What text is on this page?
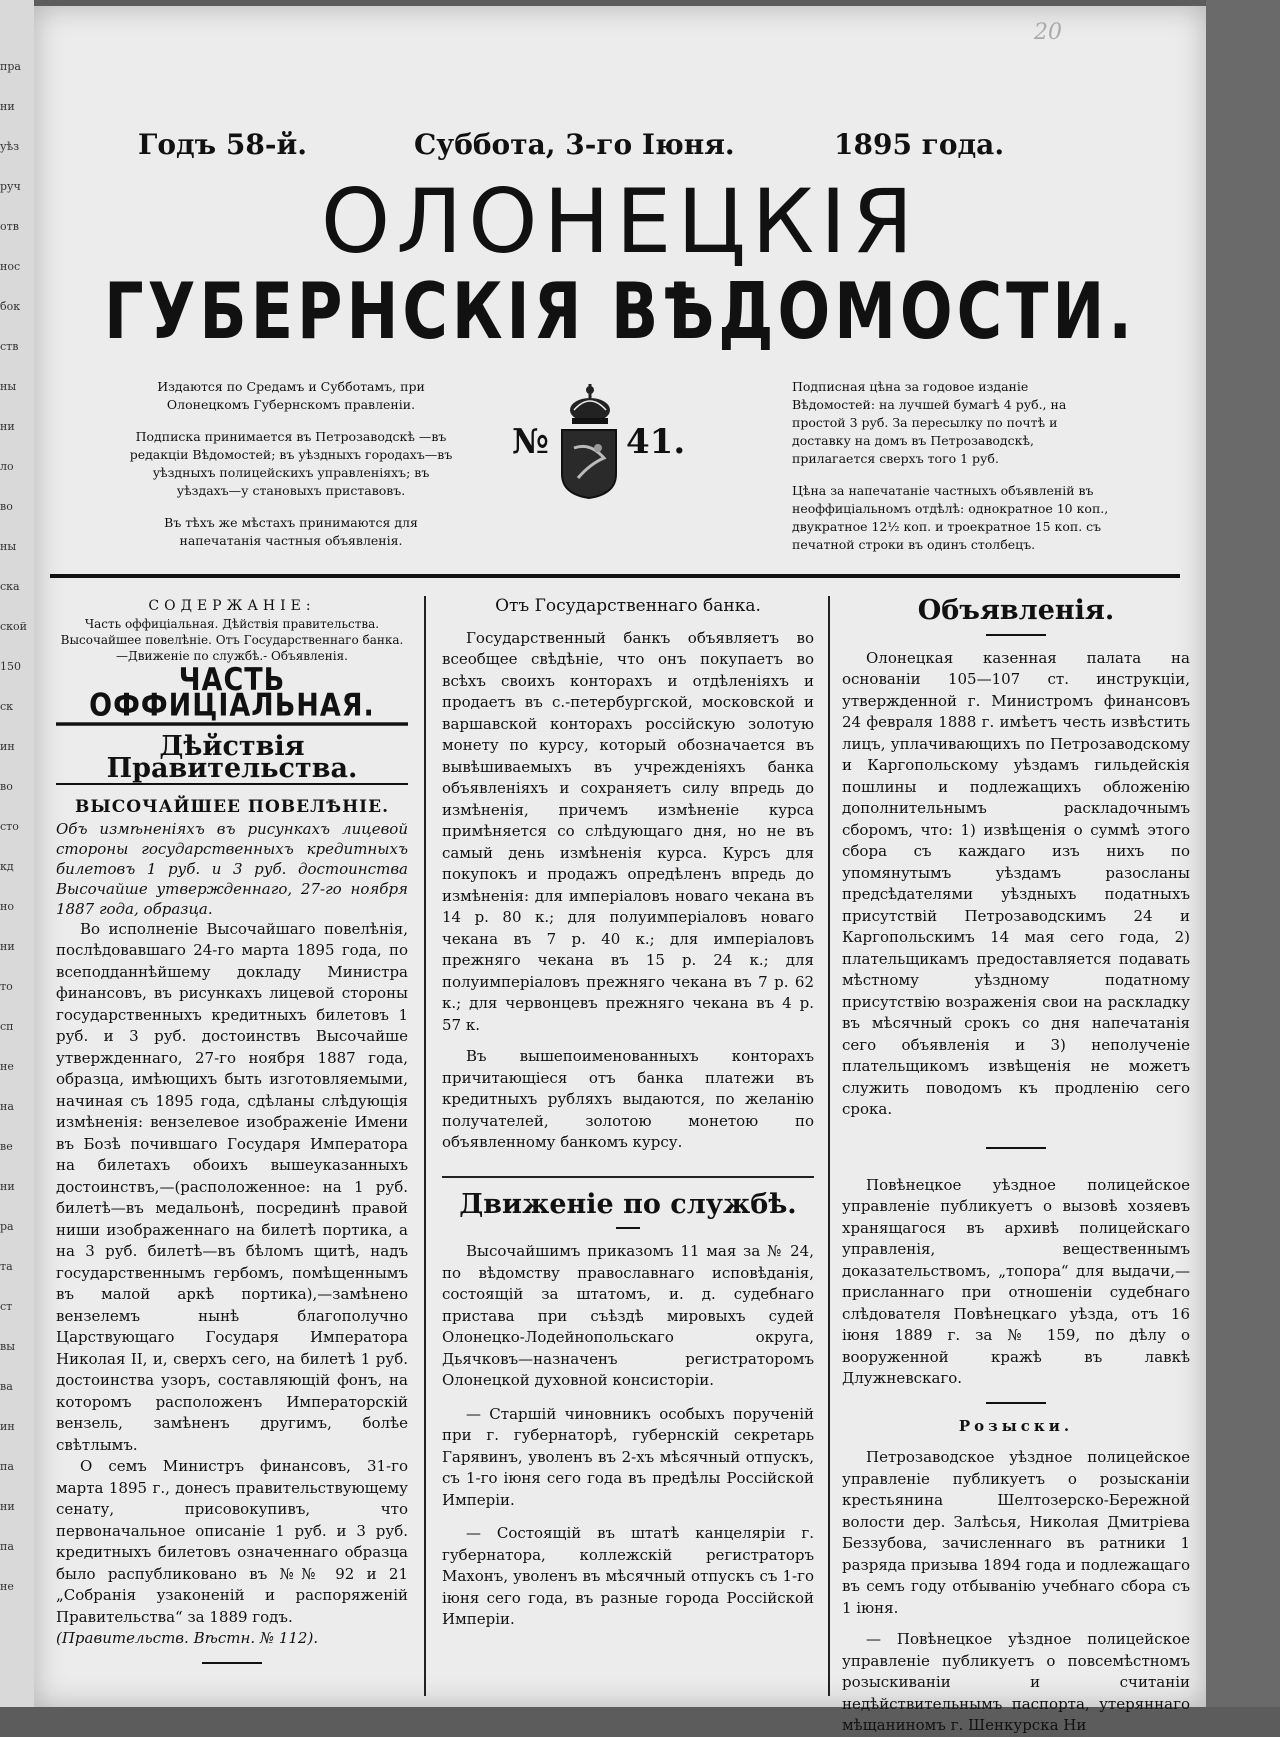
пра
ни
уѣз
руч
отв
нос
бок
ств
ны
ни
ло
во
ны
ска
ской
150
ск
ин
во
сто
кд
но
ни
то
сп
не
на
ве
ни
ра
та
ст
вы
ва
ин
па
ни
па
не
20
Годъ 58-й.	Суббота, 3-го Іюня.	1895 года.
ОЛОНЕЦКІЯ
ГУБЕРНСКІЯ ВѢДОМОСТИ.

Издаются по Средамъ и Субботамъ, при Олонецкомъ Губернскомъ правленіи.

Подписка принимается въ Петрозаводскѣ —въ редакціи Вѣдомостей; въ уѣздныхъ городахъ—въ уѣздныхъ полицейскихъ управленіяхъ; въ уѣздахъ—у становыхъ приставовъ.

Въ тѣхъ же мѣстахъ принимаются для напечатанія частныя объявленія.

№ 41.

Подписная цѣна за годовое изданіе Вѣдомостей: на лучшей бумагѣ 4 руб., на простой 3 руб. За пересылку по почтѣ и доставку на домъ въ Петрозаводскѣ, прилагается сверхъ того 1 руб.

Цѣна за напечатаніе частныхъ объявленій въ неоффиціальномъ отдѣлѣ: однократное 10 коп., двукратное 12½ коп. и троекратное 15 коп. съ печатной строки въ одинъ столбецъ.

СОДЕРЖАНІЕ:
Часть оффиціальная. Дѣйствія правительства. Высочайшее повелѣніе. Отъ Государственнаго банка.—Движеніе по службѣ.- Объявленія.
ЧАСТЬ ОФФИЦІАЛЬНАЯ.
Дѣйствія Правительства.
ВЫСОЧАЙШЕЕ ПОВЕЛѢНІЕ.

Объ измѣненіяхъ въ рисункахъ лицевой стороны государственныхъ кредитныхъ билетовъ 1 руб. и 3 руб. достоинства Высочайше утвержденнаго, 27-го ноября 1887 года, образца.

Во исполненіе Высочайшаго повелѣнія, послѣдовавшаго 24-го марта 1895 года, по всеподданнѣйшему докладу Министра финансовъ, въ рисункахъ лицевой стороны государственныхъ кредитныхъ билетовъ 1 руб. и 3 руб. достоинствъ Высочайше утвержденнаго, 27-го ноября 1887 года, образца, имѣющихъ быть изготовляемыми, начиная съ 1895 года, сдѣланы слѣдующія измѣненія: вензелевое изображеніе Имени въ Бозѣ почившаго Государя Императора на билетахъ обоихъ вышеуказанныхъ достоинствъ,—(расположенное: на 1 руб. билетѣ—въ медальонѣ, посрединѣ правой ниши изображеннаго на билетѣ портика, а на 3 руб. билетѣ—въ бѣломъ щитѣ, надъ государственнымъ гербомъ, помѣщеннымъ въ малой аркѣ портика),—замѣнено вензелемъ нынѣ благополучно Царствующаго Государя Императора Николая II, и, сверхъ сего, на билетѣ 1 руб. достоинства узоръ, составляющій фонъ, на которомъ расположенъ Императорскій вензель, замѣненъ другимъ, болѣе свѣтлымъ.

О семъ Министръ финансовъ, 31-го марта 1895 г., донесъ правительствующему сенату, присовокупивъ, что первоначальное описаніе 1 руб. и 3 руб. кредитныхъ билетовъ означеннаго образца было распубликовано въ №№ 92 и 21 „Собранія узаконеній и распоряженій Правительства“ за 1889 годъ.

(Правительств. Вѣстн. № 112).

Отъ Государственнаго банка.

Государственный банкъ объявляетъ во всеобщее свѣдѣніе, что онъ покупаетъ во всѣхъ своихъ конторахъ и отдѣленіяхъ и продаетъ въ с.-петербургской, московской и варшавской конторахъ россійскую золотую монету по курсу, который обозначается въ вывѣшиваемыхъ въ учрежденіяхъ банка объявленіяхъ и сохраняетъ силу впредь до измѣненія, причемъ измѣненіе курса примѣняется со слѣдующаго дня, но не въ самый день измѣненія курса. Курсъ для покупокъ и продажъ опредѣленъ впредь до измѣненія: для имперiаловъ новаго чекана въ 14 р. 80 к.; для полуимперіаловъ новаго чекана въ 7 р. 40 к.; для имперіаловъ прежняго чекана въ 15 р. 24 к.; для полуимперіаловъ прежняго чекана въ 7 р. 62 к.; для червонцевъ прежняго чекана въ 4 р. 57 к.

Въ вышепоименованныхъ конторахъ причитающіеся отъ банка платежи въ кредитныхъ рубляхъ выдаются, по желанію получателей, золотою монетою по объявленному банкомъ курсу.

Движеніе по службѣ.

Высочайшимъ приказомъ 11 мая за № 24, по вѣдомству православнаго исповѣданія, состоящій за штатомъ, и. д. судебнаго пристава при съѣздѣ мировыхъ судей Олонецко-Лодейнопольскаго округа, Дьячковъ—назначенъ регистраторомъ Олонецкой духовной консисторіи.

— Старшій чиновникъ особыхъ порученій при г. губернаторѣ, губернскій секретарь Гарявинъ, уволенъ въ 2-хъ мѣсячный отпускъ, съ 1-го іюня сего года въ предѣлы Россійской Имперіи.

— Состоящій въ штатѣ канцеляріи г. губернатора, коллежскій регистраторъ Махонъ, уволенъ въ мѣсячный отпускъ съ 1-го іюня сего года, въ разные города Россійской Имперіи.

Объявленія.

Олонецкая казенная палата на основаніи 105—107 ст. инструкціи, утвержденной г. Министромъ финансовъ 24 февраля 1888 г. имѣетъ честь извѣстить лицъ, уплачивающихъ по Петрозаводскому и Каргопольскому уѣздамъ гильдейскія пошлины и подлежащихъ обложенію дополнительнымъ раскладочнымъ сборомъ, что: 1) извѣщенія о суммѣ этого сбора съ каждаго изъ нихъ по упомянутымъ уѣздамъ разосланы предсѣдателями уѣздныхъ податныхъ присутствій Петрозаводскимъ 24 и Каргопольскимъ 14 мая сего года, 2) плательщикамъ предоставляется подавать мѣстному уѣздному податному присутствію возраженія свои на раскладку въ мѣсячный срокъ со дня напечатанія сего объявленія и 3) неполученіе плательщикомъ извѣщенія не можетъ служить поводомъ къ продленію сего срока.

Повѣнецкое уѣздное полицейское управленіе публикуетъ о вызовѣ хозяевъ хранящагося въ архивѣ полицейскаго управленія, вещественнымъ доказательствомъ, „топора“ для выдачи,—присланнаго при отношеніи судебнаго слѣдователя Повѣнецкаго уѣзда, отъ 16 іюня 1889 г. за № 159, по дѣлу о вооруженной кражѣ въ лавкѣ Длужневскаго.

Розыски.

Петрозаводское уѣздное полицейское управленіе публикуетъ о розысканіи крестьянина Шелтозерско-Бережной волости дер. Залѣсья, Николая Дмитріева Беззубова, зачисленнаго въ ратники 1 разряда призыва 1894 года и подлежащаго въ семъ году отбыванію учебнаго сбора съ 1 іюня.

— Повѣнецкое уѣздное полицейское управленіе публикуетъ о повсемѣстномъ розыскиваніи и считаніи недѣйствительнымъ паспорта, утеряннаго мѣщаниномъ г. Шенкурска Ни
